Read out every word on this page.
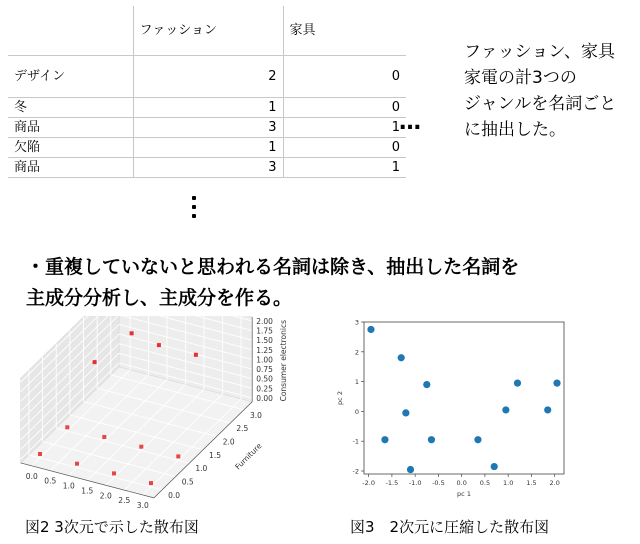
	ファッション	家具
デザイン	2	0
冬	1	0
商品	3	1
欠陥	1	0
商品	3	1
…
ファッション、家具
家電の計3つの
ジャンルを名詞ごと
に抽出した。
・重複していないと思われる名詞は除き、抽出した名詞を
主成分分析し、主成分を作る。
0.0
0.5
1.0
1.5
2.0
2.5
3.0
0.0
0.5
1.0
1.5
2.0
2.5
3.0
0.00
0.25
0.50
0.75
1.00
1.25
1.50
1.75
2.00
Furniture
Consumer electronics
-2.0 -1.5 -1.0 -0.5 0.0 0.5 1.0 1.5 2.0
-2
-1
0
1
2
3
pc 1
pc 2
図2 3次元で示した散布図	図3　2次元に圧縮した散布図
